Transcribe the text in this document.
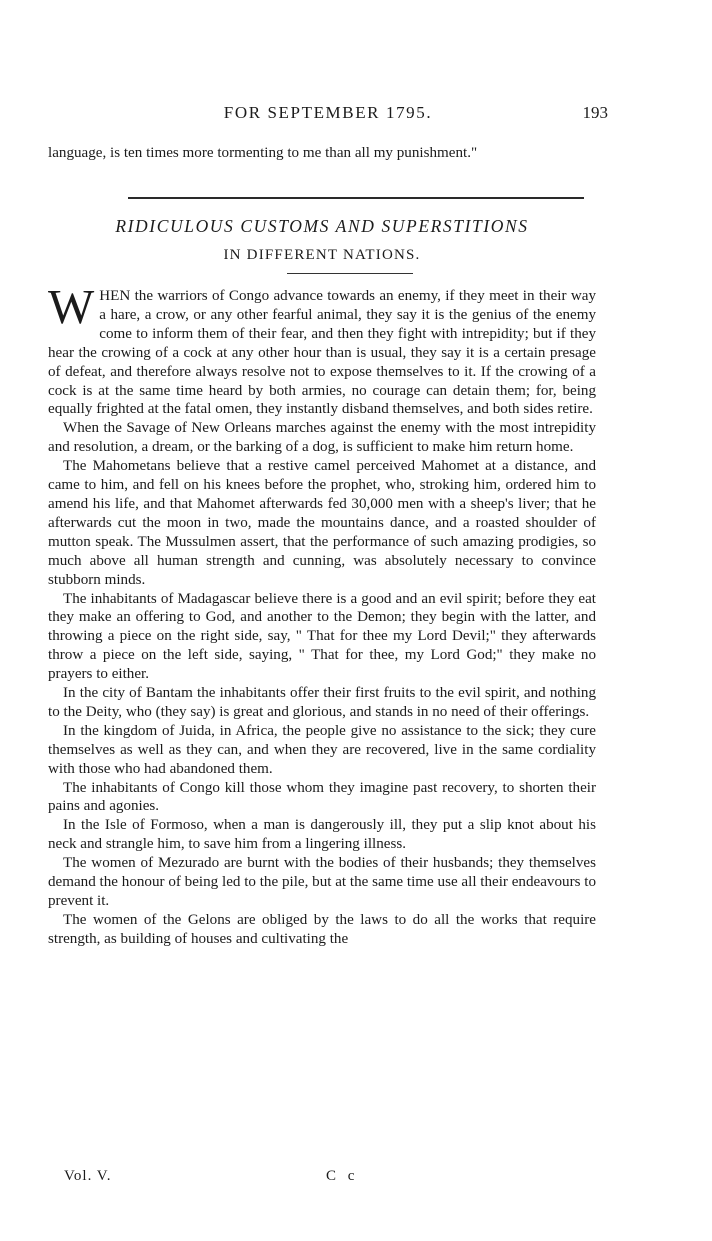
FOR SEPTEMBER 1795.	193

language, is ten times more tormenting to me than all my punishment."

RIDICULOUS CUSTOMS AND SUPERSTITIONS
IN DIFFERENT NATIONS.

WHEN the warriors of Congo advance towards an enemy, if they meet in their way a hare, a crow, or any other fearful animal, they say it is the genius of the enemy come to inform them of their fear, and then they fight with intrepidity; but if they hear the crowing of a cock at any other hour than is usual, they say it is a certain presage of defeat, and therefore always resolve not to expose themselves to it. If the crowing of a cock is at the same time heard by both armies, no courage can detain them; for, being equally frighted at the fatal omen, they instantly disband themselves, and both sides retire.

When the Savage of New Orleans marches against the enemy with the most intrepidity and resolution, a dream, or the barking of a dog, is sufficient to make him return home.

The Mahometans believe that a restive camel perceived Mahomet at a distance, and came to him, and fell on his knees before the prophet, who, stroking him, ordered him to amend his life, and that Mahomet afterwards fed 30,000 men with a sheep's liver; that he afterwards cut the moon in two, made the mountains dance, and a roasted shoulder of mutton speak. The Mussulmen assert, that the performance of such amazing prodigies, so much above all human strength and cunning, was absolutely necessary to convince stubborn minds.

The inhabitants of Madagascar believe there is a good and an evil spirit; before they eat they make an offering to God, and another to the Demon; they begin with the latter, and throwing a piece on the right side, say, " That for thee my Lord Devil;" they afterwards throw a piece on the left side, saying, " That for thee, my Lord God;" they make no prayers to either.

In the city of Bantam the inhabitants offer their first fruits to the evil spirit, and nothing to the Deity, who (they say) is great and glorious, and stands in no need of their offerings.

In the kingdom of Juida, in Africa, the people give no assistance to the sick; they cure themselves as well as they can, and when they are recovered, live in the same cordiality with those who had abandoned them.

The inhabitants of Congo kill those whom they imagine past recovery, to shorten their pains and agonies.

In the Isle of Formoso, when a man is dangerously ill, they put a slip knot about his neck and strangle him, to save him from a lingering illness.

The women of Mezurado are burnt with the bodies of their husbands; they themselves demand the honour of being led to the pile, but at the same time use all their endeavours to prevent it.

The women of the Gelons are obliged by the laws to do all the works that require strength, as building of houses and cultivating the

Vol. V.	C c
